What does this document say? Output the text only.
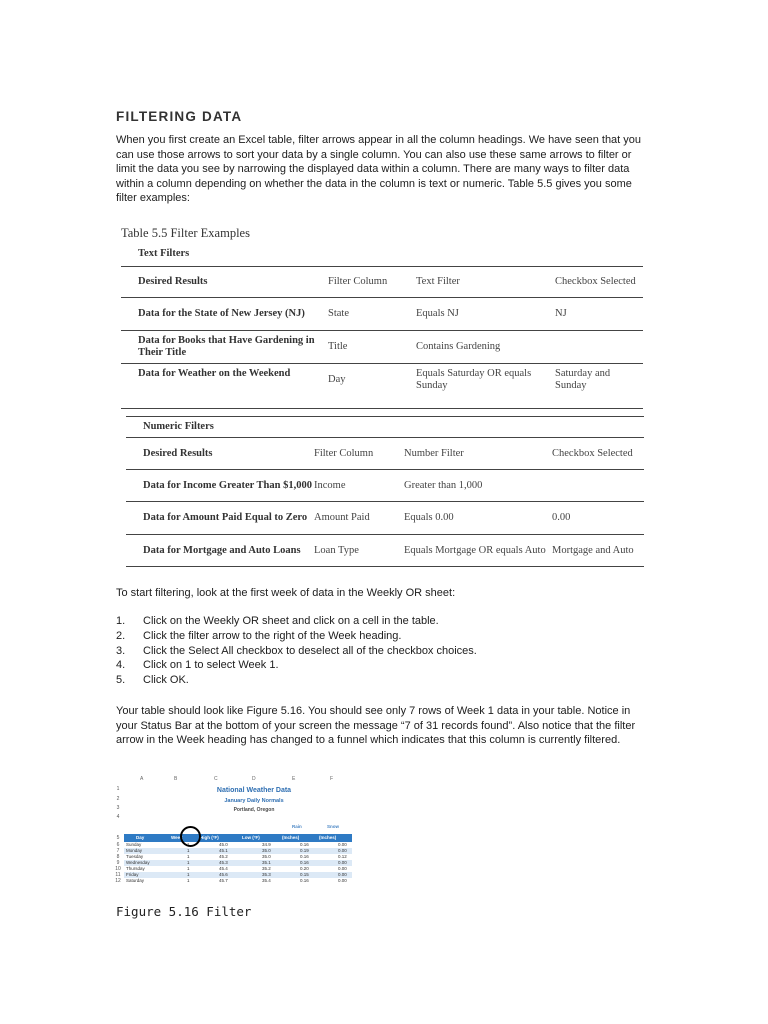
FILTERING DATA
When you first create an Excel table, filter arrows appear in all the column headings. We have seen that you can use those arrows to sort your data by a single column. You can also use these same arrows to filter or limit the data you see by narrowing the displayed data within a column. There are many ways to filter data within a column depending on whether the data in the column is text or numeric. Table 5.5 gives you some filter examples:
Table 5.5 Filter Examples
Text Filters			
Desired Results	Filter Column	Text Filter	Checkbox Selected
Data for the State of New Jersey (NJ)	State	Equals NJ	NJ
Data for Books that Have Gardening in Their Title	Title	Contains Gardening	
Data for Weather on the Weekend	Day	Equals Saturday OR equals Sunday	Saturday and Sunday
Numeric Filters			
Desired Results	Filter Column	Number Filter	Checkbox Selected
Data for Income Greater Than $1,000	Income	Greater than 1,000	
Data for Amount Paid Equal to Zero	Amount Paid	Equals 0.00	0.00
Data for Mortgage and Auto Loans	Loan Type	Equals Mortgage OR equals Auto	Mortgage and Auto
To start filtering, look at the first week of data in the Weekly OR sheet:
1. Click on the Weekly OR sheet and click on a cell in the table.
2. Click the filter arrow to the right of the Week heading.
3. Click the Select All checkbox to deselect all of the checkbox choices.
4. Click on 1 to select Week 1.
5. Click OK.
Your table should look like Figure 5.16. You should see only 7 rows of Week 1 data in your table. Notice in your Status Bar at the bottom of your screen the message “7 of 31 records found”. Also notice that the filter arrow in the Week heading has changed to a funnel which indicates that this column is currently filtered.
A	B	C	D	E	F
1
2
3
4
5
6
7
8
9
10
11
12
National Weather Data
January Daily Normals
Portland, Oregon
Rain	Snow
Day	Week	High (°F)	Low (°F)	(Inches)	(Inches)
Sunday	1	45.0	34.9	0.16	0.00
Monday	1	45.1	35.0	0.19	0.00
Tuesday	1	45.2	35.0	0.16	0.12
Wednesday	1	45.3	35.1	0.16	0.00
Thursday	1	45.4	35.2	0.20	0.00
Friday	1	45.6	35.3	0.15	0.00
Saturday	1	45.7	35.4	0.16	0.00
Figure 5.16 Filter
